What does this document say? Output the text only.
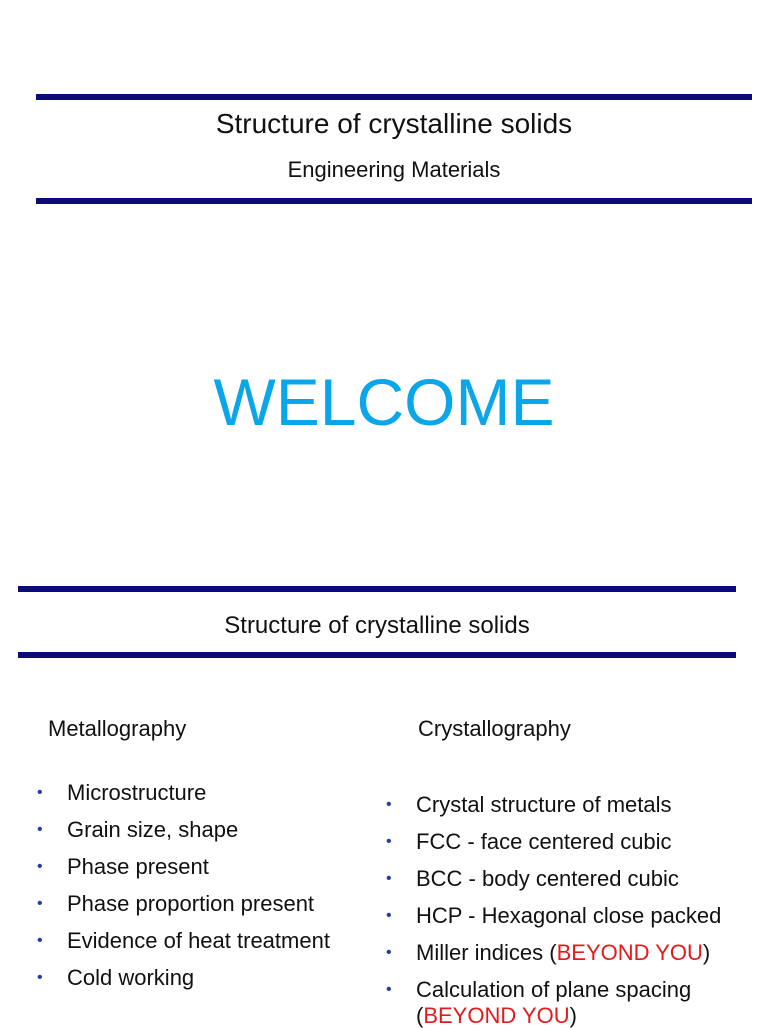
Structure of crystalline solids
Engineering Materials
WELCOME
Structure of crystalline solids
Metallography	Crystallography
• Microstructure
• Grain size, shape
• Phase present
• Phase proportion present
• Evidence of heat treatment
• Cold working
• Crystal structure of metals
• FCC - face centered cubic
• BCC - body centered cubic
• HCP - Hexagonal close packed
• Miller indices (BEYOND YOU)
• Calculation of plane spacing
(BEYOND YOU)
